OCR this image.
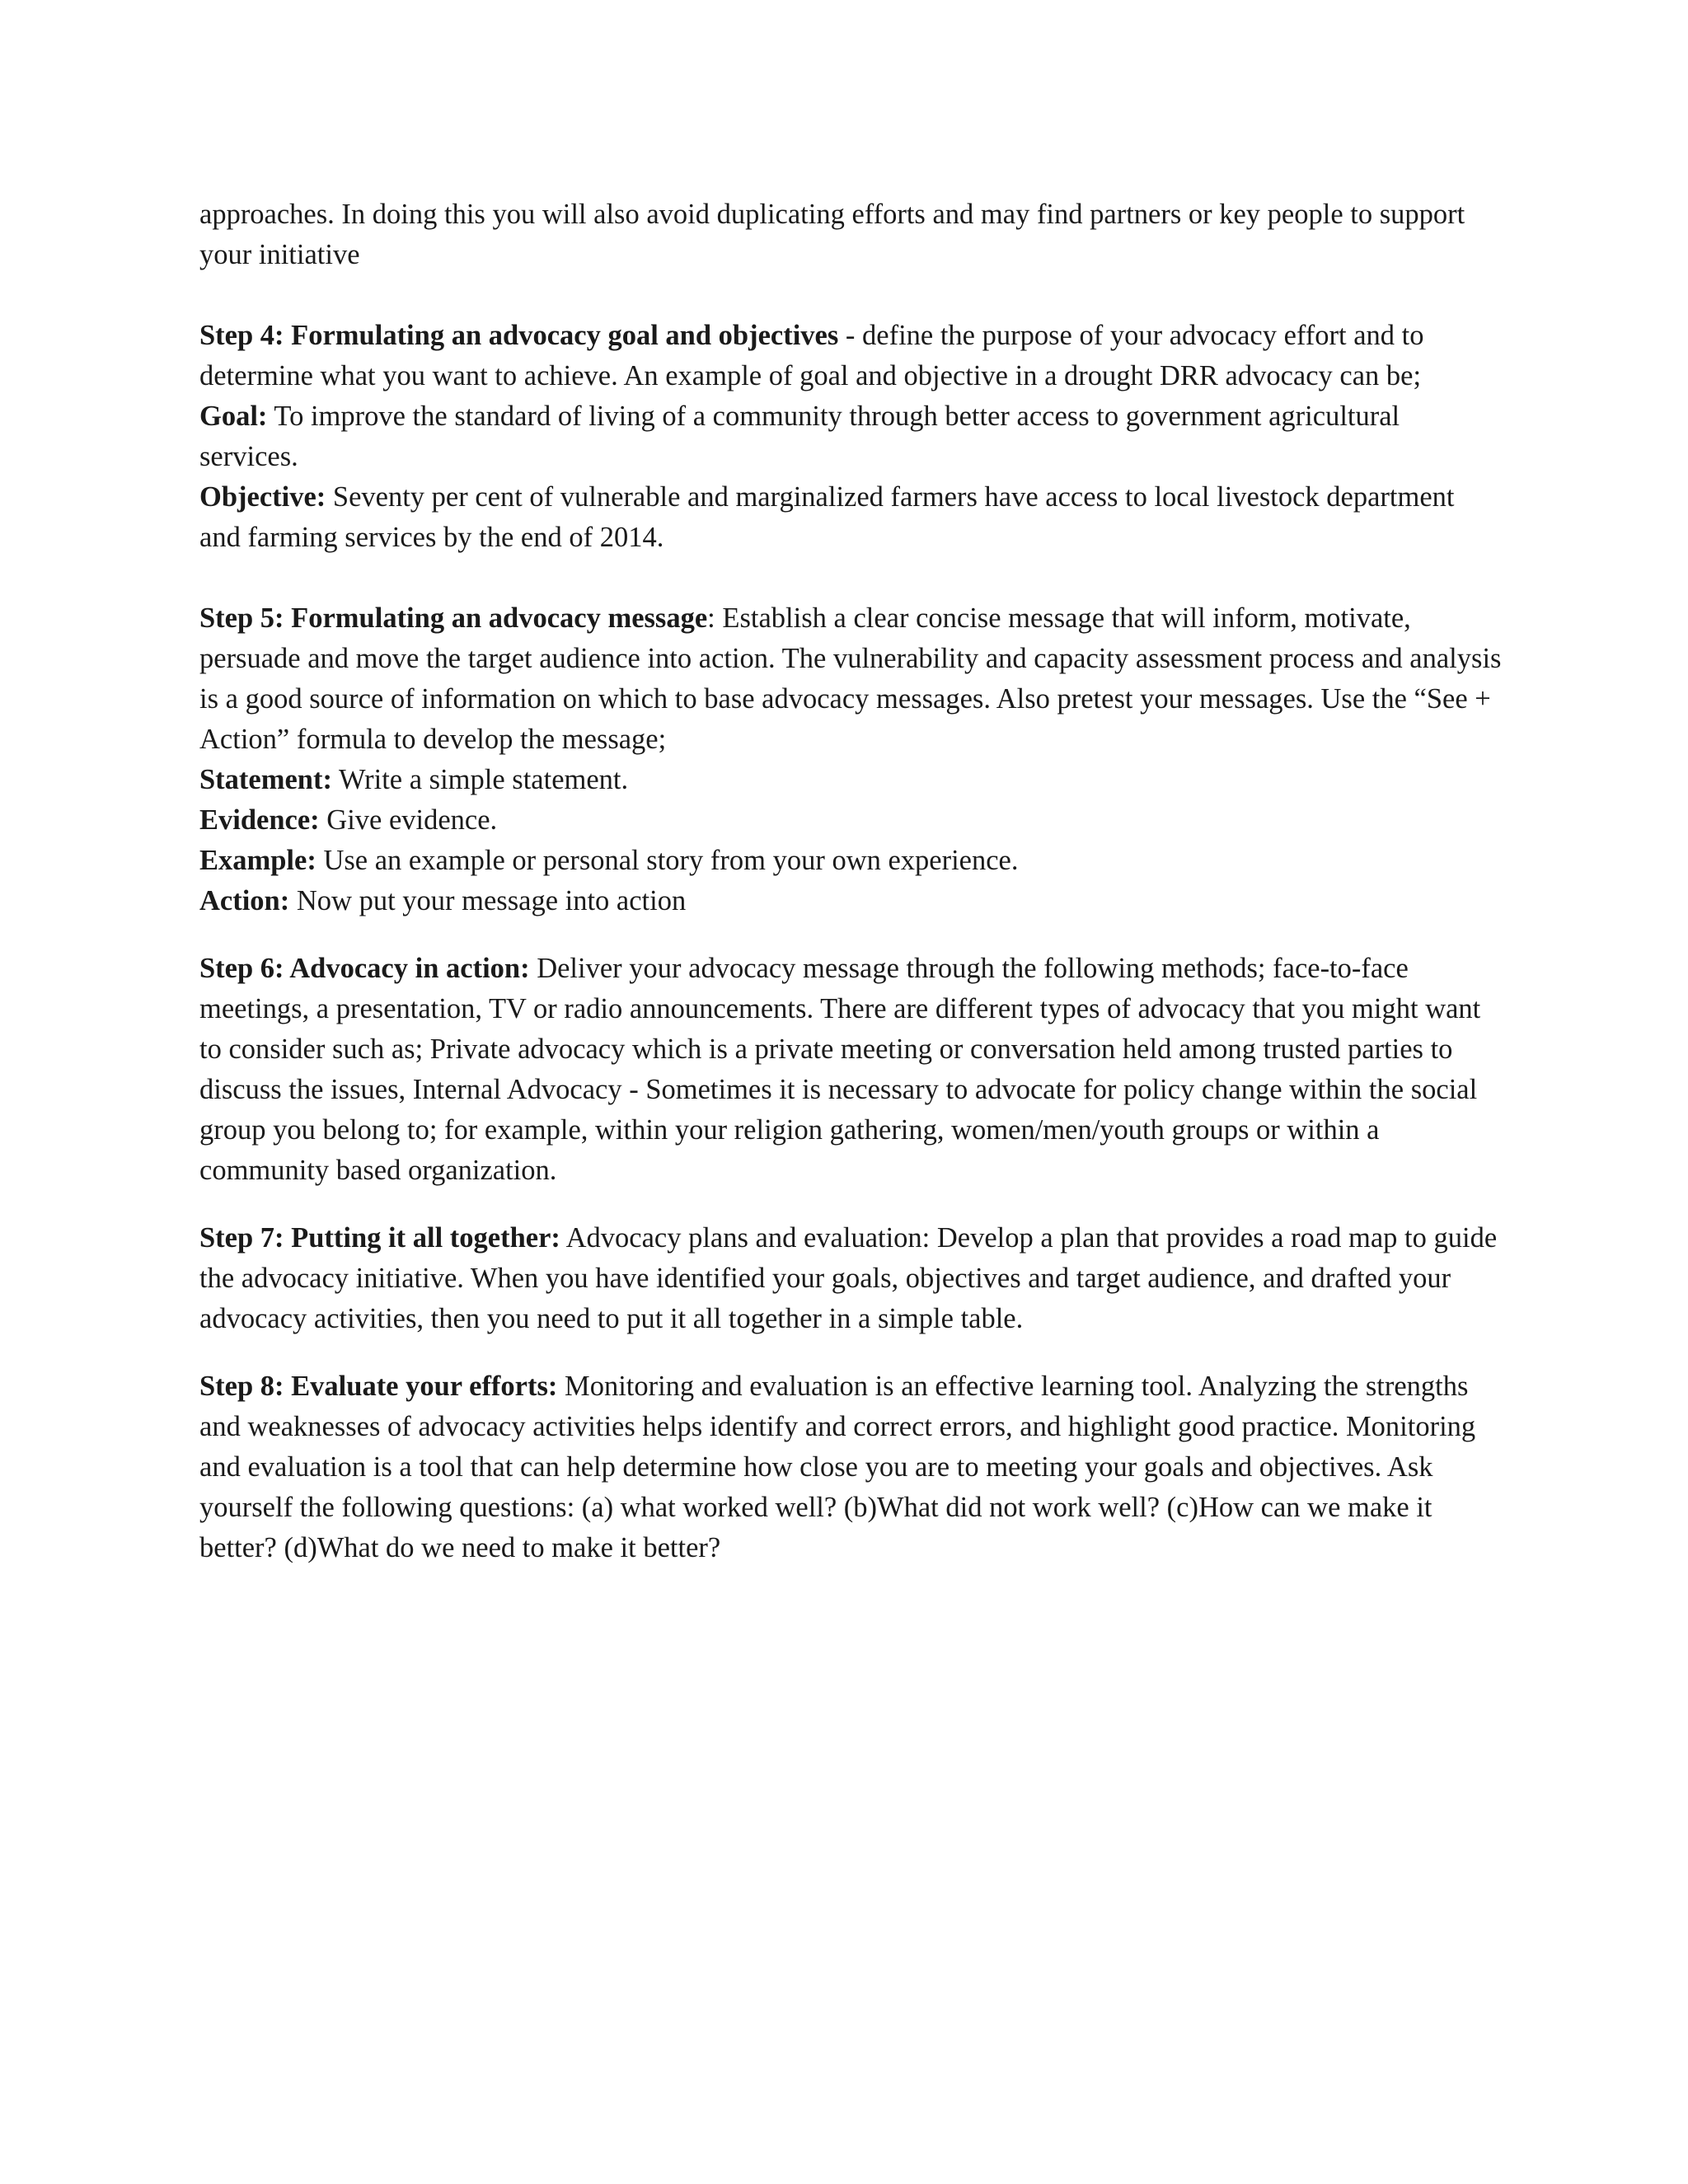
approaches. In doing this you will also avoid duplicating efforts and may find partners or key people to support your initiative

Step 4: Formulating an advocacy goal and objectives - define the purpose of your advocacy effort and to determine what you want to achieve. An example of goal and objective in a drought DRR advocacy can be;

Goal: To improve the standard of living of a community through better access to government agricultural services.

Objective: Seventy per cent of vulnerable and marginalized farmers have access to local livestock department and farming services by the end of 2014.

Step 5: Formulating an advocacy message: Establish a clear concise message that will inform, motivate, persuade and move the target audience into action. The vulnerability and capacity assessment process and analysis is a good source of information on which to base advocacy messages. Also pretest your messages. Use the “See + Action” formula to develop the message;

Statement: Write a simple statement.

Evidence: Give evidence.

Example: Use an example or personal story from your own experience.

Action: Now put your message into action

Step 6: Advocacy in action: Deliver your advocacy message through the following methods; face-to-face meetings, a presentation, TV or radio announcements. There are different types of advocacy that you might want to consider such as; Private advocacy which is a private meeting or conversation held among trusted parties to discuss the issues, Internal Advocacy - Sometimes it is necessary to advocate for policy change within the social group you belong to; for example, within your religion gathering, women/men/youth groups or within a community based organization.

Step 7: Putting it all together: Advocacy plans and evaluation: Develop a plan that provides a road map to guide the advocacy initiative. When you have identified your goals, objectives and target audience, and drafted your advocacy activities, then you need to put it all together in a simple table.

Step 8: Evaluate your efforts: Monitoring and evaluation is an effective learning tool. Analyzing the strengths and weaknesses of advocacy activities helps identify and correct errors, and highlight good practice. Monitoring and evaluation is a tool that can help determine how close you are to meeting your goals and objectives. Ask yourself the following questions: (a) what worked well? (b)What did not work well? (c)How can we make it better? (d)What do we need to make it better?
